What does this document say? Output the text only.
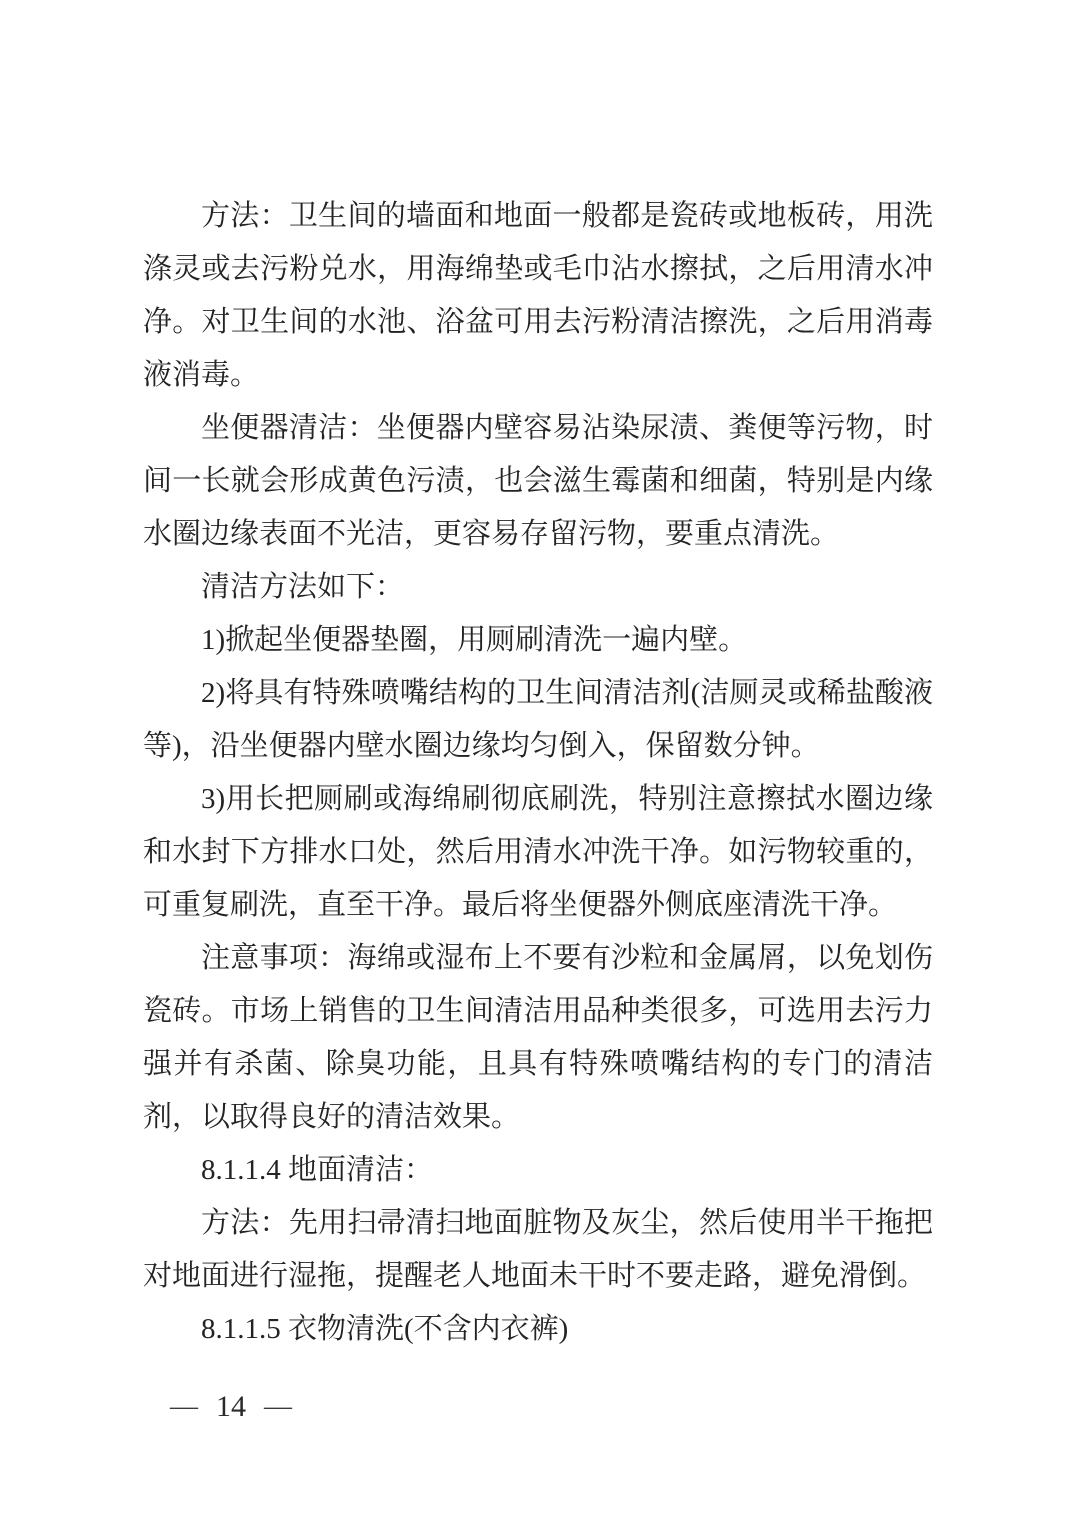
方法：卫生间的墙面和地面一般都是瓷砖或地板砖，用洗涤灵或去污粉兑水，用海绵垫或毛巾沾水擦拭，之后用清水冲净。对卫生间的水池、浴盆可用去污粉清洁擦洗，之后用消毒液消毒。

坐便器清洁：坐便器内壁容易沾染尿渍、粪便等污物，时间一长就会形成黄色污渍，也会滋生霉菌和细菌，特别是内缘水圈边缘表面不光洁，更容易存留污物，要重点清洗。

清洁方法如下：

1)掀起坐便器垫圈，用厕刷清洗一遍内壁。

2)将具有特殊喷嘴结构的卫生间清洁剂(洁厕灵或稀盐酸液等)，沿坐便器内壁水圈边缘均匀倒入，保留数分钟。

3)用长把厕刷或海绵刷彻底刷洗，特别注意擦拭水圈边缘和水封下方排水口处，然后用清水冲洗干净。如污物较重的，可重复刷洗，直至干净。最后将坐便器外侧底座清洗干净。

注意事项：海绵或湿布上不要有沙粒和金属屑，以免划伤瓷砖。市场上销售的卫生间清洁用品种类很多，可选用去污力强并有杀菌、除臭功能，且具有特殊喷嘴结构的专门的清洁剂，以取得良好的清洁效果。

8.1.1.4 地面清洁：

方法：先用扫帚清扫地面脏物及灰尘，然后使用半干拖把对地面进行湿拖，提醒老人地面未干时不要走路，避免滑倒。

8.1.1.5 衣物清洗(不含内衣裤)

— 14 —
